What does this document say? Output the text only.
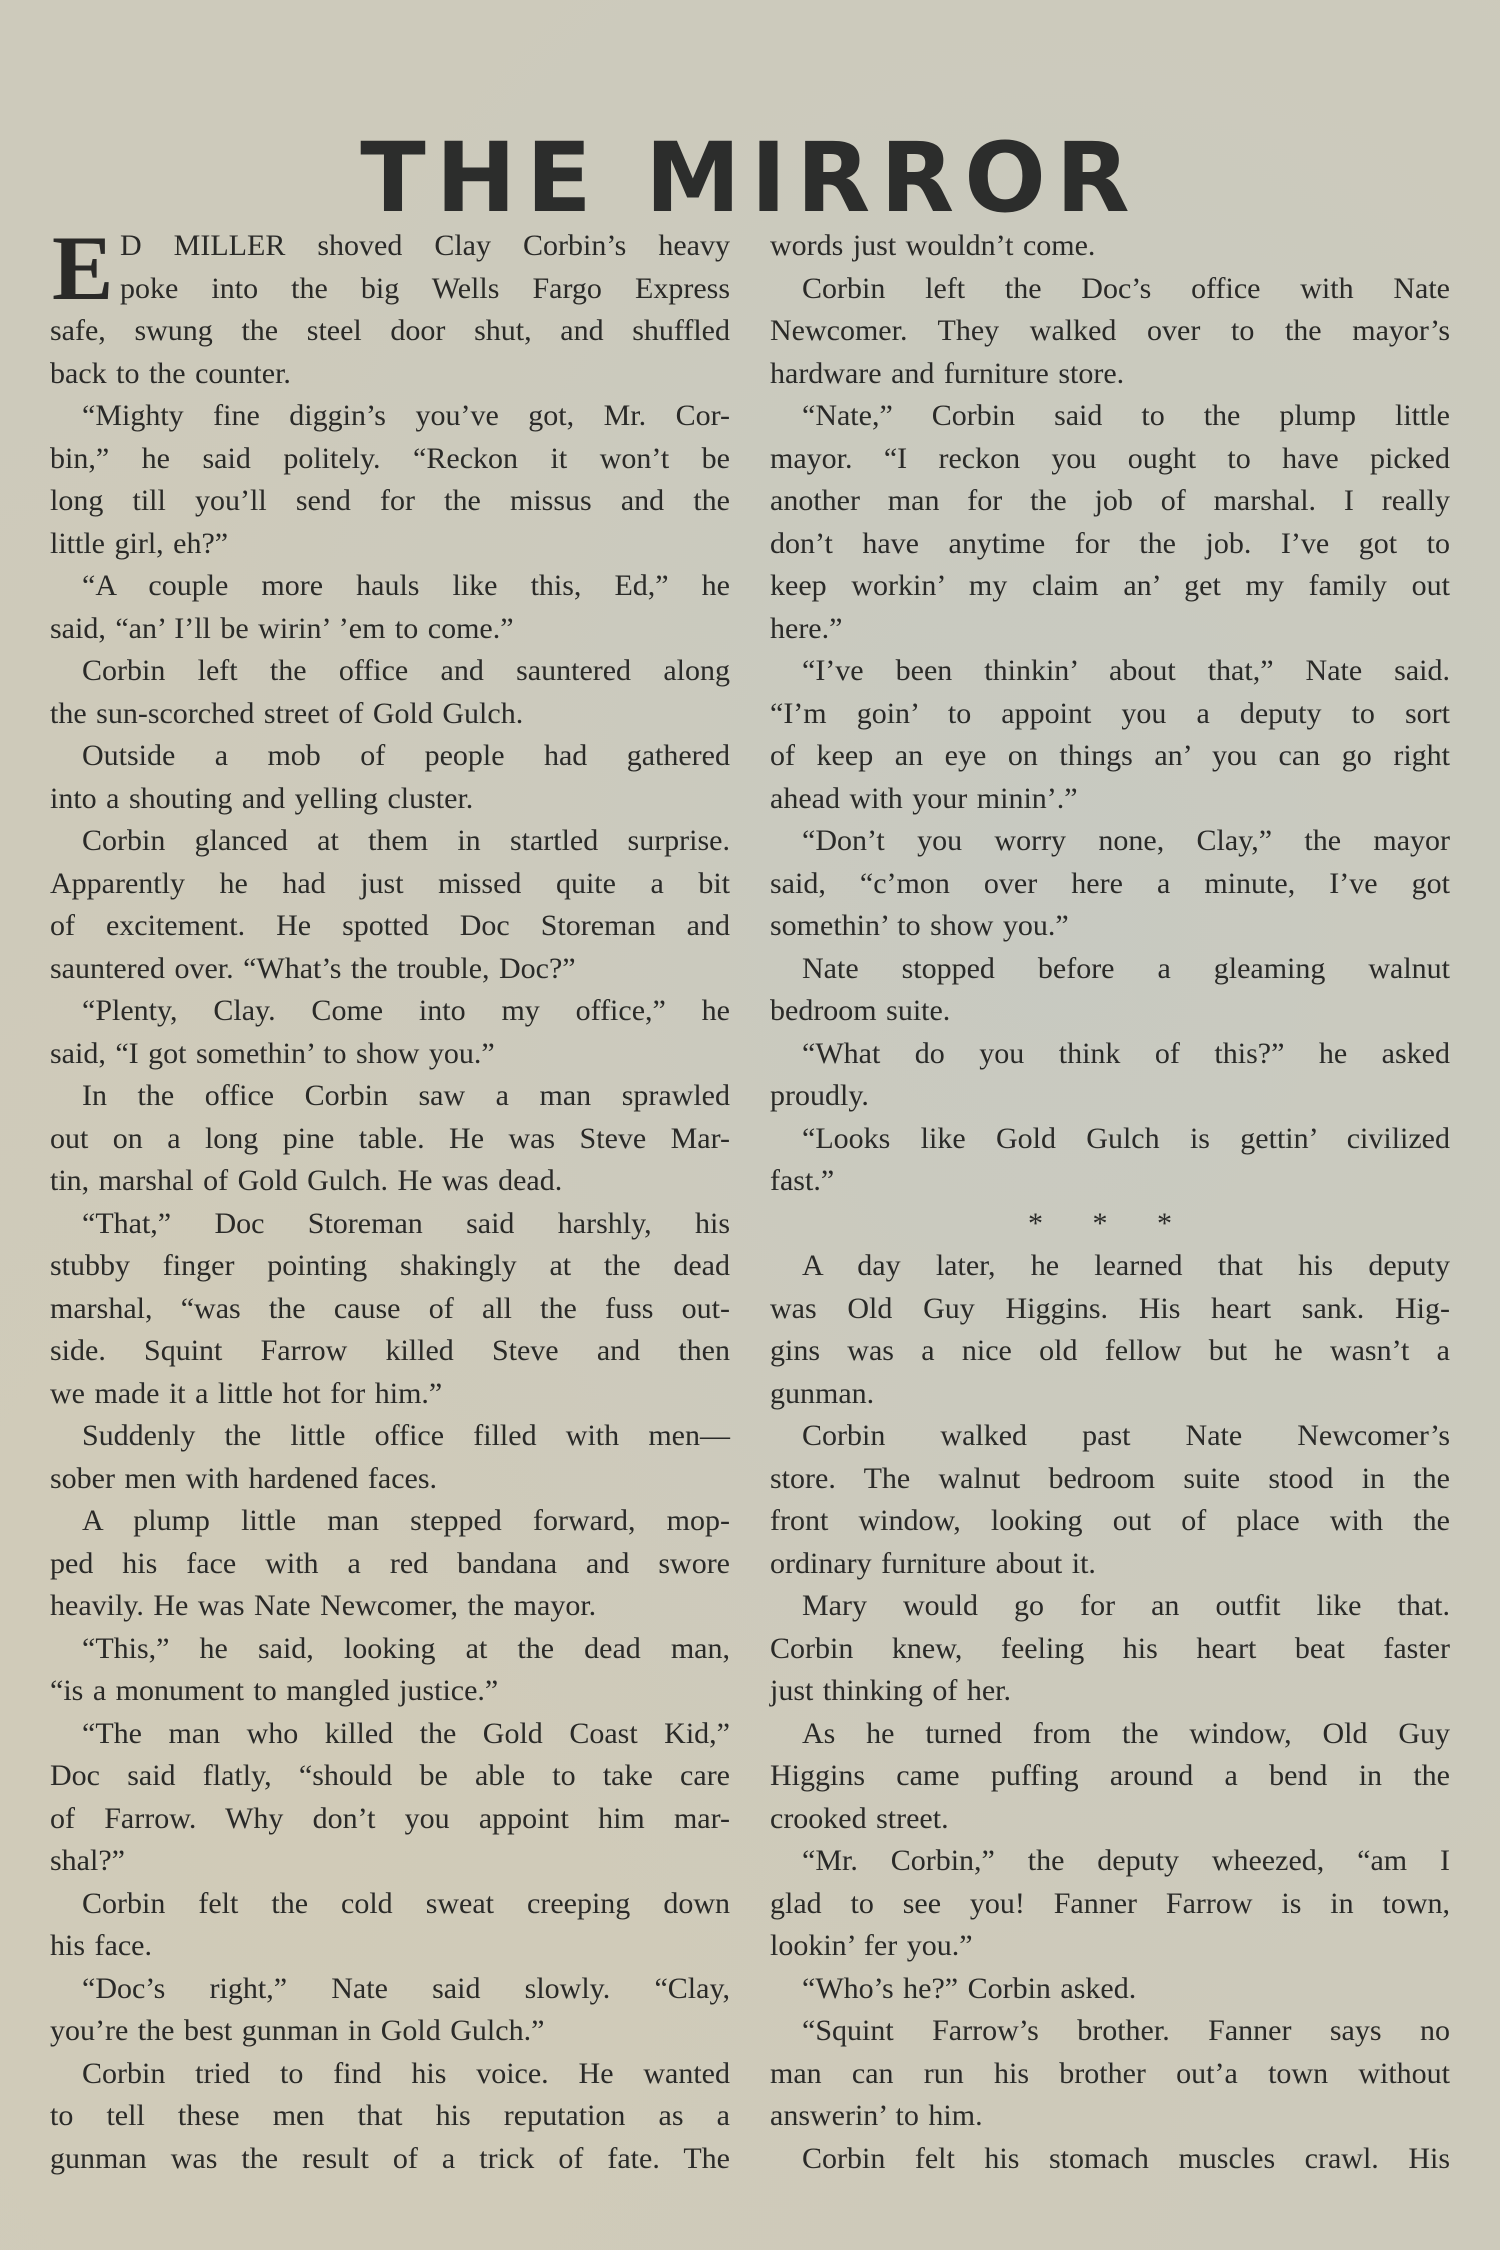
THE MIRROR
E D MILLER shoved Clay Corbin’s heavy
poke into the big Wells Fargo Express
safe, swung the steel door shut, and shuffled
back to the counter.
“Mighty fine diggin’s you’ve got, Mr. Cor-
bin,” he said politely. “Reckon it won’t be
long till you’ll send for the missus and the
little girl, eh?”
“A couple more hauls like this, Ed,” he
said, “an’ I’ll be wirin’ ’em to come.”
Corbin left the office and sauntered along
the sun-scorched street of Gold Gulch.
Outside a mob of people had gathered
into a shouting and yelling cluster.
Corbin glanced at them in startled surprise.
Apparently he had just missed quite a bit
of excitement. He spotted Doc Storeman and
sauntered over. “What’s the trouble, Doc?”
“Plenty, Clay. Come into my office,” he
said, “I got somethin’ to show you.”
In the office Corbin saw a man sprawled
out on a long pine table. He was Steve Mar-
tin, marshal of Gold Gulch. He was dead.
“That,” Doc Storeman said harshly, his
stubby finger pointing shakingly at the dead
marshal, “was the cause of all the fuss out-
side. Squint Farrow killed Steve and then
we made it a little hot for him.”
Suddenly the little office filled with men—
sober men with hardened faces.
A plump little man stepped forward, mop-
ped his face with a red bandana and swore
heavily. He was Nate Newcomer, the mayor.
“This,” he said, looking at the dead man,
“is a monument to mangled justice.”
“The man who killed the Gold Coast Kid,”
Doc said flatly, “should be able to take care
of Farrow. Why don’t you appoint him mar-
shal?”
Corbin felt the cold sweat creeping down
his face.
“Doc’s right,” Nate said slowly. “Clay,
you’re the best gunman in Gold Gulch.”
Corbin tried to find his voice. He wanted
to tell these men that his reputation as a
gunman was the result of a trick of fate. The
words just wouldn’t come.
Corbin left the Doc’s office with Nate
Newcomer. They walked over to the mayor’s
hardware and furniture store.
“Nate,” Corbin said to the plump little
mayor. “I reckon you ought to have picked
another man for the job of marshal. I really
don’t have anytime for the job. I’ve got to
keep workin’ my claim an’ get my family out
here.”
“I’ve been thinkin’ about that,” Nate said.
“I’m goin’ to appoint you a deputy to sort
of keep an eye on things an’ you can go right
ahead with your minin’.”
“Don’t you worry none, Clay,” the mayor
said, “c’mon over here a minute, I’ve got
somethin’ to show you.”
Nate stopped before a gleaming walnut
bedroom suite.
“What do you think of this?” he asked
proudly.
“Looks like Gold Gulch is gettin’ civilized
fast.”
* * *
A day later, he learned that his deputy
was Old Guy Higgins. His heart sank. Hig-
gins was a nice old fellow but he wasn’t a
gunman.
Corbin walked past Nate Newcomer’s
store. The walnut bedroom suite stood in the
front window, looking out of place with the
ordinary furniture about it.
Mary would go for an outfit like that.
Corbin knew, feeling his heart beat faster
just thinking of her.
As he turned from the window, Old Guy
Higgins came puffing around a bend in the
crooked street.
“Mr. Corbin,” the deputy wheezed, “am I
glad to see you! Fanner Farrow is in town,
lookin’ fer you.”
“Who’s he?” Corbin asked.
“Squint Farrow’s brother. Fanner says no
man can run his brother out’a town without
answerin’ to him.
Corbin felt his stomach muscles crawl. His
